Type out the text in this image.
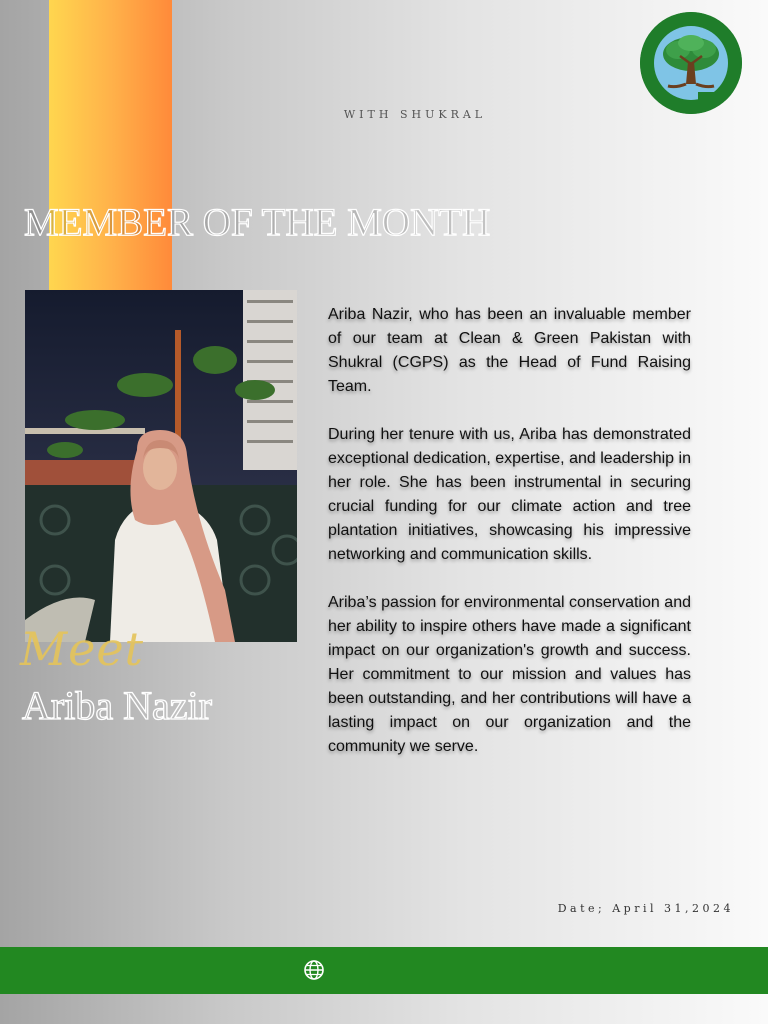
WITH SHUKRAL
MEMBER OF THE MONTH
Meet
Ariba Nazir

Ariba Nazir, who has been an invaluable member of our team at Clean & Green Pakistan with Shukral (CGPS) as the Head of Fund Raising Team.

During her tenure with us, Ariba has demonstrated exceptional dedication, expertise, and leadership in her role. She has been instrumental in securing crucial funding for our climate action and tree plantation initiatives, showcasing his impressive networking and communication skills.

Ariba’s passion for environmental conservation and her ability to inspire others have made a significant impact on our organization's growth and success. Her commitment to our mission and values has been outstanding, and her contributions will have a lasting impact on our organization and the community we serve.

Date; April 31,2024
